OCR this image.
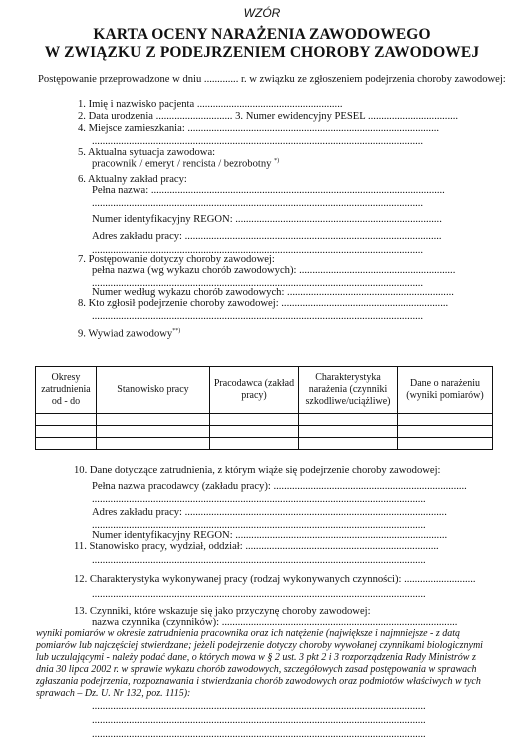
WZÓR
KARTA OCENY NARAŻENIA ZAWODOWEGO
W ZWIĄZKU Z PODEJRZENIEM CHOROBY ZAWODOWEJ
Postępowanie przeprowadzone w dniu ............. r. w związku ze zgłoszeniem podejrzenia choroby zawodowej:
1. Imię i nazwisko pacjenta .......................................................
2. Data urodzenia ............................. 3. Numer ewidencyjny PESEL ..................................
4. Miejsce zamieszkania: ...............................................................................................
.............................................................................................................................
5. Aktualna sytuacja zawodowa:
pracownik / emeryt / rencista / bezrobotny *)
6. Aktualny zakład pracy:
Pełna nazwa: ...............................................................................................................
.............................................................................................................................
Numer identyfikacyjny REGON: ..............................................................................
Adres zakładu pracy: .................................................................................................
.............................................................................................................................
7. Postępowanie dotyczy choroby zawodowej:
pełna nazwa (wg wykazu chorób zawodowych): ...........................................................
.............................................................................................................................
Numer według wykazu chorób zawodowych: ...............................................................
8. Kto zgłosił podejrzenie choroby zawodowej: ...............................................................
.............................................................................................................................
9. Wywiad zawodowy**)
Okresy zatrudnienia od - do	Stanowisko pracy	Pracodawca (zakład pracy)	Charakterystyka narażenia (czynniki szkodliwe/uciążliwe)	Dane o narażeniu (wyniki pomiarów)

10. Dane dotyczące zatrudnienia, z którym wiąże się podejrzenie choroby zawodowej:
Pełna nazwa pracodawcy (zakładu pracy): .........................................................................
..............................................................................................................................
Adres zakładu pracy: ...................................................................................................
..............................................................................................................................
Numer identyfikacyjny REGON: ................................................................................
11. Stanowisko pracy, wydział, oddział: .........................................................................
..............................................................................................................................
12. Charakterystyka wykonywanej pracy (rodzaj wykonywanych czynności): ...........................
..............................................................................................................................
13. Czynniki, które wskazuje się jako przyczynę choroby zawodowej:
nazwa czynnika (czynników): .........................................................................................
wyniki pomiarów w okresie zatrudnienia pracownika oraz ich natężenie (największe i najmniejsze - z datą
pomiarów lub najczęściej stwierdzane; jeżeli podejrzenie dotyczy choroby wywołanej czynnikami biologicznymi
lub uczulającymi - należy podać dane, o których mowa w § 2 ust. 3 pkt 2 i 3 rozporządzenia Rady Ministrów z
dnia 30 lipca 2002 r. w sprawie wykazu chorób zawodowych, szczegółowych zasad postępowania w sprawach
zgłaszania podejrzenia, rozpoznawania i stwierdzania chorób zawodowych oraz podmiotów właściwych w tych
sprawach – Dz. U. Nr 132, poz. 1115):
..............................................................................................................................
..............................................................................................................................
..............................................................................................................................
